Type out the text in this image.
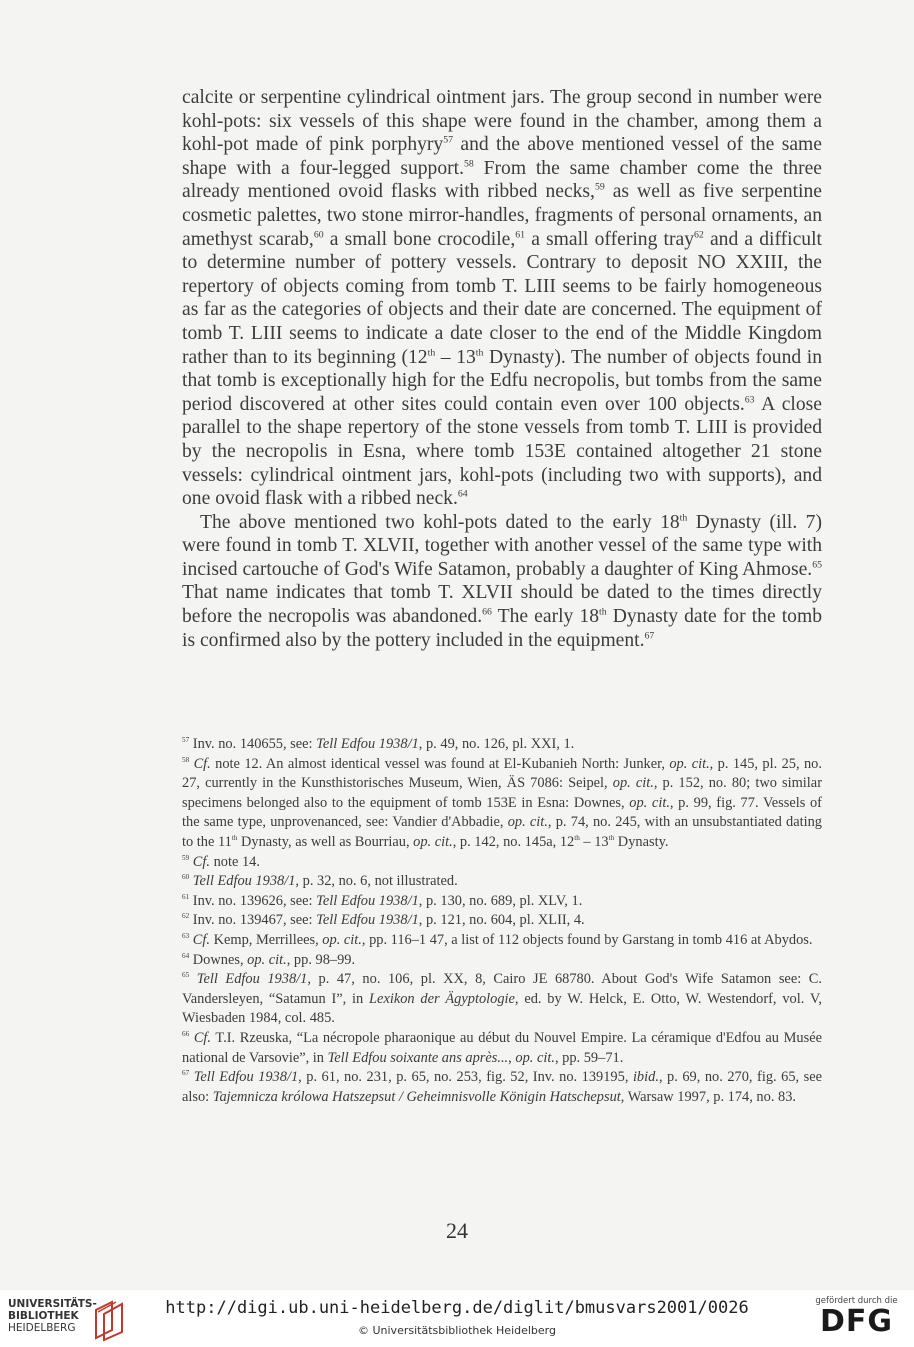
calcite or serpentine cylindrical ointment jars. The group second in number were kohl-pots: six vessels of this shape were found in the chamber, among them a kohl-pot made of pink porphyry$^{57}$ and the above mentioned vessel of the same shape with a four-legged support.$^{58}$ From the same chamber come the three already mentioned ovoid flasks with ribbed necks,$^{59}$ as well as five serpentine cosmetic palettes, two stone mirror-handles, fragments of personal ornaments, an amethyst scarab,$^{60}$ a small bone crocodile,$^{61}$ a small offering tray$^{62}$ and a difficult to determine number of pottery vessels. Contrary to deposit NO XXIII, the repertory of objects coming from tomb T. LIII seems to be fairly homogeneous as far as the categories of objects and their date are concerned. The equipment of tomb T. LIII seems to indicate a date closer to the end of the Middle Kingdom rather than to its beginning (12th – 13th Dynasty). The number of objects found in that tomb is exceptionally high for the Edfu necropolis, but tombs from the same period discovered at other sites could contain even over 100 objects.$^{63}$ A close parallel to the shape repertory of the stone vessels from tomb T. LIII is provided by the necropolis in Esna, where tomb 153E contained altogether 21 stone vessels: cylindrical ointment jars, kohl-pots (including two with supports), and one ovoid flask with a ribbed neck.$^{64}$

The above mentioned two kohl-pots dated to the early 18th Dynasty (ill. 7) were found in tomb T. XLVII, together with another vessel of the same type with incised cartouche of God's Wife Satamon, probably a daughter of King Ahmose.$^{65}$ That name indicates that tomb T. XLVII should be dated to the times directly before the necropolis was abandoned.$^{66}$ The early 18th Dynasty date for the tomb is confirmed also by the pottery included in the equipment.$^{67}$

$^{57}$ Inv. no. 140655, see: Tell Edfou 1938/1, p. 49, no. 126, pl. XXI, 1.

$^{58}$ Cf. note 12. An almost identical vessel was found at El-Kubanieh North: Junker, op. cit., p. 145, pl. 25, no. 27, currently in the Kunsthistorisches Museum, Wien, ÄS 7086: Seipel, op. cit., p. 152, no. 80; two similar specimens belonged also to the equipment of tomb 153E in Esna: Downes, op. cit., p. 99, fig. 77. Vessels of the same type, unprovenanced, see: Vandier d'Abbadie, op. cit., p. 74, no. 245, with an unsubstantiated dating to the 11th Dynasty, as well as Bourriau, op. cit., p. 142, no. 145a, 12th – 13th Dynasty.

$^{59}$ Cf. note 14.

$^{60}$ Tell Edfou 1938/1, p. 32, no. 6, not illustrated.

$^{61}$ Inv. no. 139626, see: Tell Edfou 1938/1, p. 130, no. 689, pl. XLV, 1.

$^{62}$ Inv. no. 139467, see: Tell Edfou 1938/1, p. 121, no. 604, pl. XLII, 4.

$^{63}$ Cf. Kemp, Merrillees, op. cit., pp. 116–1 47, a list of 112 objects found by Garstang in tomb 416 at Abydos.

$^{64}$ Downes, op. cit., pp. 98–99.

$^{65}$ Tell Edfou 1938/1, p. 47, no. 106, pl. XX, 8, Cairo JE 68780. About God's Wife Satamon see: C. Vandersleyen, “Satamun I”, in Lexikon der Ägyptologie, ed. by W. Helck, E. Otto, W. Westendorf, vol. V, Wiesbaden 1984, col. 485.

$^{66}$ Cf. T.I. Rzeuska, “La nécropole pharaonique au début du Nouvel Empire. La céramique d'Edfou au Musée national de Varsovie”, in Tell Edfou soixante ans après..., op. cit., pp. 59–71.

$^{67}$ Tell Edfou 1938/1, p. 61, no. 231, p. 65, no. 253, fig. 52, Inv. no. 139195, ibid., p. 69, no. 270, fig. 65, see also: Tajemnicza królowa Hatszepsut / Geheimnisvolle Königin Hatschepsut, Warsaw 1997, p. 174, no. 83.

24
UNIVERSITÄTS-
BIBLIOTHEK
HEIDELBERG
http://digi.ub.uni-heidelberg.de/diglit/bmusvars2001/0026
© Universitätsbibliothek Heidelberg
gefördert durch die
DFG
